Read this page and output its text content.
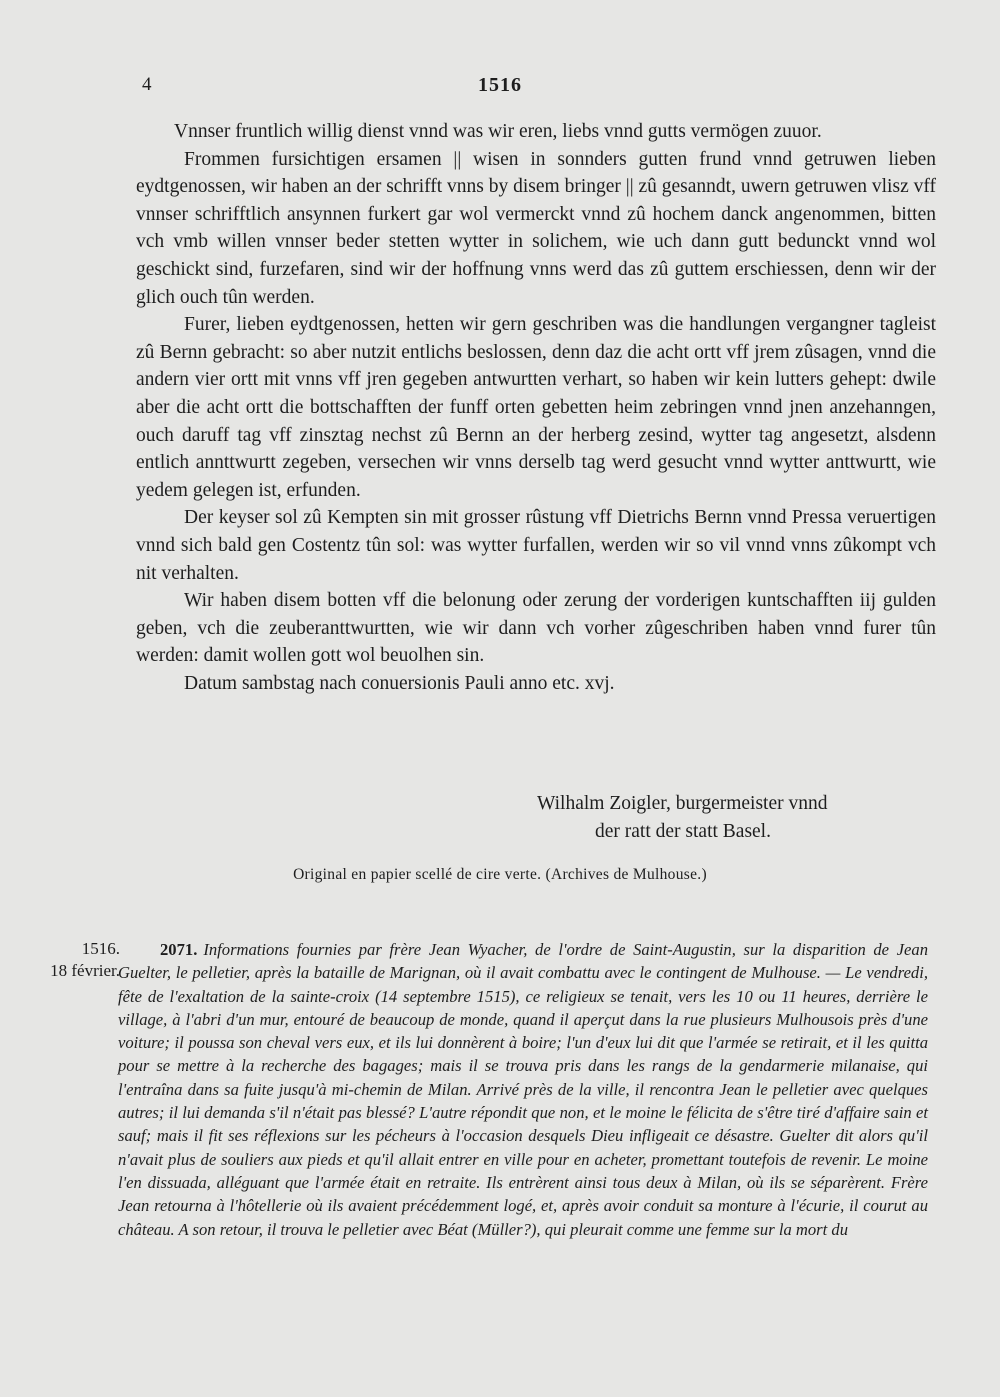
4	1516

Vnnser fruntlich willig dienst vnnd was wir eren, liebs vnnd gutts vermögen zuuor.

Frommen fursichtigen ersamen || wisen in sonnders gutten frund vnnd getruwen lieben eydtgenossen, wir haben an der schrifft vnns by disem bringer || zû gesanndt, uwern getruwen vlisz vff vnnser schrifftlich ansynnen furkert gar wol vermerckt vnnd zû hochem danck angenommen, bitten vch vmb willen vnnser beder stetten wytter in solichem, wie uch dann gutt bedunckt vnnd wol geschickt sind, furzefaren, sind wir der hoffnung vnns werd das zû guttem erschiessen, denn wir der glich ouch tûn werden.

Furer, lieben eydtgenossen, hetten wir gern geschriben was die handlungen vergangner tagleist zû Bernn gebracht: so aber nutzit entlichs beslossen, denn daz die acht ortt vff jrem zûsagen, vnnd die andern vier ortt mit vnns vff jren gegeben antwurtten verhart, so haben wir kein lutters gehept: dwile aber die acht ortt die bottschafften der funff orten gebetten heim zebringen vnnd jnen anzehanngen, ouch daruff tag vff zinsztag nechst zû Bernn an der herberg zesind, wytter tag angesetzt, alsdenn entlich annttwurtt zegeben, versechen wir vnns derselb tag werd gesucht vnnd wytter anttwurtt, wie yedem gelegen ist, erfunden.

Der keyser sol zû Kempten sin mit grosser rûstung vff Dietrichs Bernn vnnd Pressa veruertigen vnnd sich bald gen Costentz tûn sol: was wytter furfallen, werden wir so vil vnnd vnns zûkompt vch nit verhalten.

Wir haben disem botten vff die belonung oder zerung der vorderigen kuntschafften iij gulden geben, vch die zeuberanttwurtten, wie wir dann vch vorher zûgeschriben haben vnnd furer tûn werden: damit wollen gott wol beuolhen sin.

Datum sambstag nach conuersionis Pauli anno etc. xvj.

Wilhalm Zoigler, burgermeister vnnd
der ratt der statt Basel.
Original en papier scellé de cire verte. (Archives de Mulhouse.)
1516.
18 février.
2071. Informations fournies par frère Jean Wyacher, de l'ordre de Saint-Augustin, sur la disparition de Jean Guelter, le pelletier, après la bataille de Marignan, où il avait combattu avec le contingent de Mulhouse. — Le vendredi, fête de l'exaltation de la sainte-croix (14 septembre 1515), ce religieux se tenait, vers les 10 ou 11 heures, derrière le village, à l'abri d'un mur, entouré de beaucoup de monde, quand il aperçut dans la rue plusieurs Mulhousois près d'une voiture; il poussa son cheval vers eux, et ils lui donnèrent à boire; l'un d'eux lui dit que l'armée se retirait, et il les quitta pour se mettre à la recherche des bagages; mais il se trouva pris dans les rangs de la gendarmerie milanaise, qui l'entraîna dans sa fuite jusqu'à mi-chemin de Milan. Arrivé près de la ville, il rencontra Jean le pelletier avec quelques autres; il lui demanda s'il n'était pas blessé? L'autre répondit que non, et le moine le félicita de s'être tiré d'affaire sain et sauf; mais il fit ses réflexions sur les pécheurs à l'occasion desquels Dieu infligeait ce désastre. Guelter dit alors qu'il n'avait plus de souliers aux pieds et qu'il allait entrer en ville pour en acheter, promettant toutefois de revenir. Le moine l'en dissuada, alléguant que l'armée était en retraite. Ils entrèrent ainsi tous deux à Milan, où ils se séparèrent. Frère Jean retourna à l'hôtellerie où ils avaient précédemment logé, et, après avoir conduit sa monture à l'écurie, il courut au château. A son retour, il trouva le pelletier avec Béat (Müller?), qui pleurait comme une femme sur la mort du
